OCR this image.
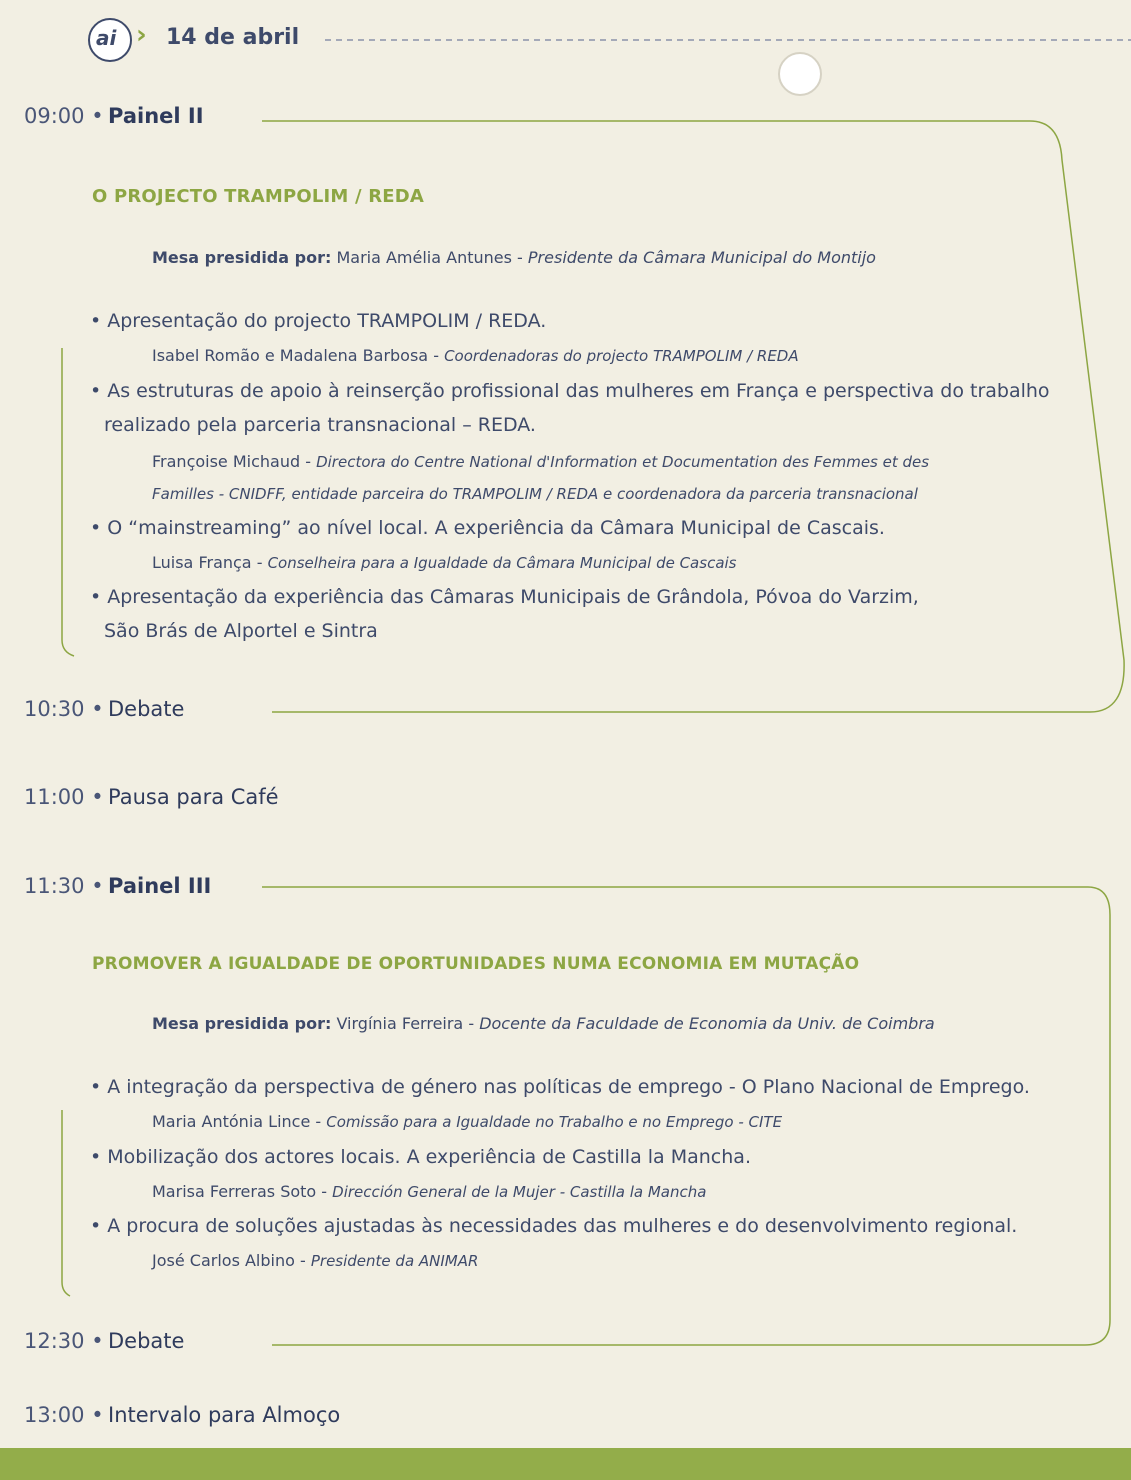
ai › 14 de abril
09:00 • Painel II
O PROJECTO TRAMPOLIM / REDA
Mesa presidida por: Maria Amélia Antunes - Presidente da Câmara Municipal do Montijo
• Apresentação do projecto TRAMPOLIM / REDA.
Isabel Romão e Madalena Barbosa - Coordenadoras do projecto TRAMPOLIM / REDA
• As estruturas de apoio à reinserção profissional das mulheres em França e perspectiva do trabalho
realizado pela parceria transnacional – REDA.
Françoise Michaud - Directora do Centre National d'Information et Documentation des Femmes et des
Familles - CNIDFF, entidade parceira do TRAMPOLIM / REDA e coordenadora da parceria transnacional
• O “mainstreaming” ao nível local. A experiência da Câmara Municipal de Cascais.
Luisa França - Conselheira para a Igualdade da Câmara Municipal de Cascais
• Apresentação da experiência das Câmaras Municipais de Grândola, Póvoa do Varzim,
São Brás de Alportel e Sintra
10:30 • Debate
11:00 • Pausa para Café
11:30 • Painel III
PROMOVER A IGUALDADE DE OPORTUNIDADES NUMA ECONOMIA EM MUTAÇÃO
Mesa presidida por: Virgínia Ferreira - Docente da Faculdade de Economia da Univ. de Coimbra
• A integração da perspectiva de género nas políticas de emprego - O Plano Nacional de Emprego.
Maria Antónia Lince - Comissão para a Igualdade no Trabalho e no Emprego - CITE
• Mobilização dos actores locais. A experiência de Castilla la Mancha.
Marisa Ferreras Soto - Dirección General de la Mujer - Castilla la Mancha
• A procura de soluções ajustadas às necessidades das mulheres e do desenvolvimento regional.
José Carlos Albino - Presidente da ANIMAR
12:30 • Debate
13:00 • Intervalo para Almoço
